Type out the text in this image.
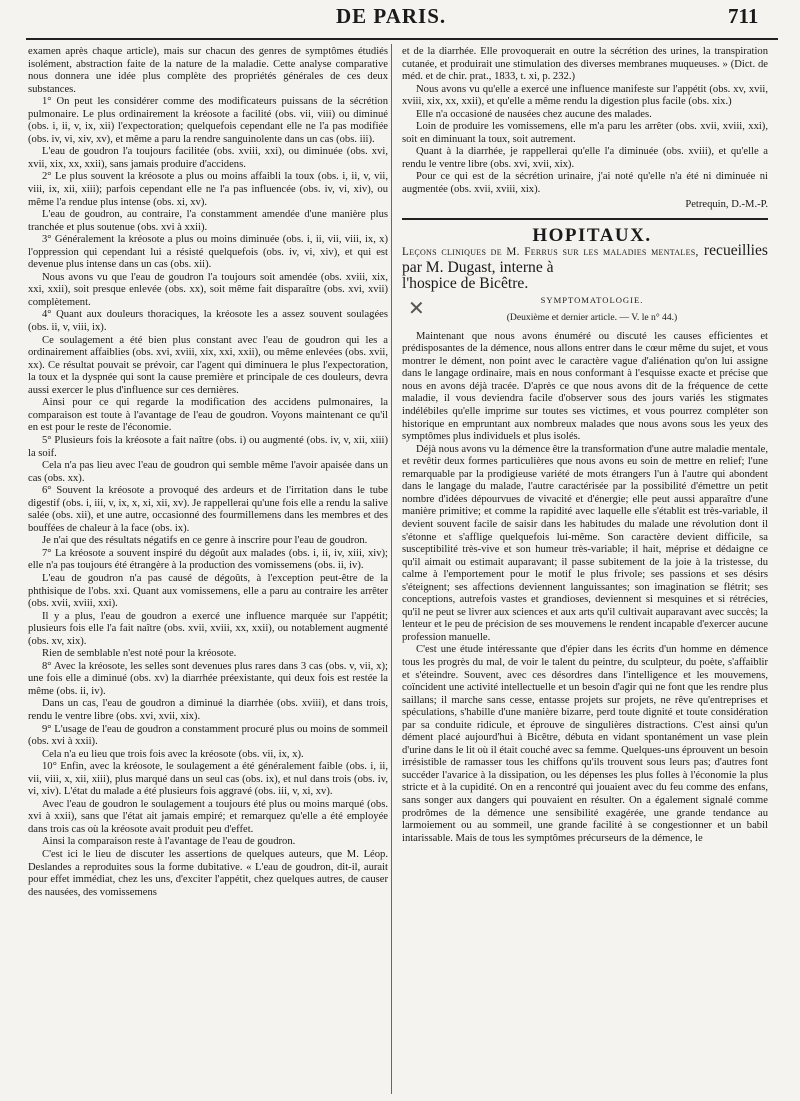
DE PARIS.	711

examen après chaque article), mais sur chacun des genres de symptômes étudiés isolément, abstraction faite de la nature de la maladie. Cette analyse comparative nous donnera une idée plus complète des propriétés générales de ces deux substances.

1° On peut les considérer comme des modificateurs puissans de la sécrétion pulmonaire. Le plus ordinairement la kréosote a facilité (obs. vii, viii) ou diminué (obs. i, ii, v, ix, xii) l'expectoration; quelquefois cependant elle ne l'a pas modifiée (obs. iv, vi, xiv, xv), et même a paru la rendre sanguinolente dans un cas (obs. iii).

L'eau de goudron l'a toujours facilitée (obs. xviii, xxi), ou diminuée (obs. xvi, xvii, xix, xx, xxii), sans jamais produire d'accidens.

2° Le plus souvent la kréosote a plus ou moins affaibli la toux (obs. i, ii, v, vii, viii, ix, xii, xiii); parfois cependant elle ne l'a pas influencée (obs. iv, vi, xiv), ou même l'a rendue plus intense (obs. xi, xv).

L'eau de goudron, au contraire, l'a constamment amendée d'une manière plus tranchée et plus soutenue (obs. xvi à xxii).

3° Généralement la kréosote a plus ou moins diminuée (obs. i, ii, vii, viii, ix, x) l'oppression qui cependant lui a résisté quelquefois (obs. iv, vi, xiv), et qui est devenue plus intense dans un cas (obs. xii).

Nous avons vu que l'eau de goudron l'a toujours soit amendée (obs. xviii, xix, xxi, xxii), soit presque enlevée (obs. xx), soit même fait disparaître (obs. xvi, xvii) complètement.

4° Quant aux douleurs thoraciques, la kréosote les a assez souvent soulagées (obs. ii, v, viii, ix).

Ce soulagement a été bien plus constant avec l'eau de goudron qui les a ordinairement affaiblies (obs. xvi, xviii, xix, xxi, xxii), ou même enlevées (obs. xvii, xx). Ce résultat pouvait se prévoir, car l'agent qui diminuera le plus l'expectoration, la toux et la dyspnée qui sont la cause première et principale de ces douleurs, devra aussi exercer le plus d'influence sur ces dernières.

Ainsi pour ce qui regarde la modification des accidens pulmonaires, la comparaison est toute à l'avantage de l'eau de goudron. Voyons maintenant ce qu'il en est pour le reste de l'économie.

5° Plusieurs fois la kréosote a fait naître (obs. i) ou augmenté (obs. iv, v, xii, xiii) la soif.

Cela n'a pas lieu avec l'eau de goudron qui semble même l'avoir apaisée dans un cas (obs. xx).

6° Souvent la kréosote a provoqué des ardeurs et de l'irritation dans le tube digestif (obs. i, iii, v, ix, x, xi, xii, xv). Je rappellerai qu'une fois elle a rendu la salive salée (obs. xii), et une autre, occasionné des fourmillemens dans les membres et des bouffées de chaleur à la face (obs. ix).

Je n'ai que des résultats négatifs en ce genre à inscrire pour l'eau de goudron.

7° La kréosote a souvent inspiré du dégoût aux malades (obs. i, ii, iv, xiii, xiv); elle n'a pas toujours été étrangère à la production des vomissemens (obs. ii, iv).

L'eau de goudron n'a pas causé de dégoûts, à l'exception peut-être de la phthisique de l'obs. xxi. Quant aux vomissemens, elle a paru au contraire les arrêter (obs. xvii, xviii, xxi).

Il y a plus, l'eau de goudron a exercé une influence marquée sur l'appétit; plusieurs fois elle l'a fait naître (obs. xvii, xviii, xx, xxii), ou notablement augmenté (obs. xv, xix).

Rien de semblable n'est noté pour la kréosote.

8° Avec la kréosote, les selles sont devenues plus rares dans 3 cas (obs. v, vii, x); une fois elle a diminué (obs. xv) la diarrhée préexistante, qui deux fois est restée la même (obs. ii, iv).

Dans un cas, l'eau de goudron a diminué la diarrhée (obs. xviii), et dans trois, rendu le ventre libre (obs. xvi, xvii, xix).

9° L'usage de l'eau de goudron a constamment procuré plus ou moins de sommeil (obs. xvi à xxii).

Cela n'a eu lieu que trois fois avec la kréosote (obs. vii, ix, x).

10° Enfin, avec la kréosote, le soulagement a été généralement faible (obs. i, ii, vii, viii, x, xii, xiii), plus marqué dans un seul cas (obs. ix), et nul dans trois (obs. iv, vi, xiv). L'état du malade a été plusieurs fois aggravé (obs. iii, v, xi, xv).

Avec l'eau de goudron le soulagement a toujours été plus ou moins marqué (obs. xvi à xxii), sans que l'état ait jamais empiré; et remarquez qu'elle a été employée dans trois cas où la kréosote avait produit peu d'effet.

Ainsi la comparaison reste à l'avantage de l'eau de goudron.

C'est ici le lieu de discuter les assertions de quelques auteurs, que M. Léop. Deslandes a reproduites sous la forme dubitative. « L'eau de goudron, dit-il, aurait pour effet immédiat, chez les uns, d'exciter l'appétit, chez quelques autres, de causer des nausées, des vomissemens

✕

et de la diarrhée. Elle provoquerait en outre la sécrétion des urines, la transpiration cutanée, et produirait une stimulation des diverses membranes muqueuses. » (Dict. de méd. et de chir. prat., 1833, t. xi, p. 232.)

Nous avons vu qu'elle a exercé une influence manifeste sur l'appétit (obs. xv, xvii, xviii, xix, xx, xxii), et qu'elle a même rendu la digestion plus facile (obs. xix.)

Elle n'a occasioné de nausées chez aucune des malades.

Loin de produire les vomissemens, elle m'a paru les arrêter (obs. xvii, xviii, xxi), soit en diminuant la toux, soit autrement.

Quant à la diarrhée, je rappellerai qu'elle l'a diminuée (obs. xviii), et qu'elle a rendu le ventre libre (obs. xvi, xvii, xix).

Pour ce qui est de la sécrétion urinaire, j'ai noté qu'elle n'a été ni diminuée ni augmentée (obs. xvii, xviii, xix).

Petrequin, D.-M.-P.

HOPITAUX.

Leçons cliniques de M. Ferrus sur les maladies mentales, recueillies par M. Dugast, interne à
l'hospice de Bicêtre.

SYMPTOMATOLOGIE.

(Deuxième et dernier article. — V. le n° 44.)

Maintenant que nous avons énuméré ou discuté les causes efficientes et prédisposantes de la démence, nous allons entrer dans le cœur même du sujet, et vous montrer le dément, non point avec le caractère vague d'aliénation qu'on lui assigne dans le langage ordinaire, mais en nous conformant à l'esquisse exacte et précise que nous en avons déjà tracée. D'après ce que nous avons dit de la fréquence de cette maladie, il vous deviendra facile d'observer sous des jours variés les stigmates indélébiles qu'elle imprime sur toutes ses victimes, et vous pourrez compléter son historique en empruntant aux nombreux malades que nous avons sous les yeux des symptômes plus individuels et plus isolés.

Déjà nous avons vu la démence être la transformation d'une autre maladie mentale, et revêtir deux formes particulières que nous avons eu soin de mettre en relief; l'une remarquable par la prodigieuse variété de mots étrangers l'un à l'autre qui abondent dans le langage du malade, l'autre caractérisée par la possibilité d'émettre un petit nombre d'idées dépourvues de vivacité et d'énergie; elle peut aussi apparaître d'une manière primitive; et comme la rapidité avec laquelle elle s'établit est très-variable, il devient souvent facile de saisir dans les habitudes du malade une révolution dont il s'étonne et s'afflige quelquefois lui-même. Son caractère devient difficile, sa susceptibilité très-vive et son humeur très-variable; il hait, méprise et dédaigne ce qu'il aimait ou estimait auparavant; il passe subitement de la joie à la tristesse, du calme à l'emportement pour le motif le plus frivole; ses passions et ses désirs s'éteignent; ses affections deviennent languissantes; son imagination se flétrit; ses conceptions, autrefois vastes et grandioses, deviennent si mesquines et si rétrécies, qu'il ne peut se livrer aux sciences et aux arts qu'il cultivait auparavant avec succès; la lenteur et le peu de précision de ses mouvemens le rendent incapable d'exercer aucune profession manuelle.

C'est une étude intéressante que d'épier dans les écrits d'un homme en démence tous les progrès du mal, de voir le talent du peintre, du sculpteur, du poète, s'affaiblir et s'éteindre. Souvent, avec ces désordres dans l'intelligence et les mouvemens, coïncident une activité intellectuelle et un besoin d'agir qui ne font que les rendre plus saillans; il marche sans cesse, entasse projets sur projets, ne rêve qu'entreprises et spéculations, s'habille d'une manière bizarre, perd toute dignité et toute considération par sa conduite ridicule, et éprouve de singulières distractions. C'est ainsi qu'un dément placé aujourd'hui à Bicêtre, débuta en vidant spontanément un vase plein d'urine dans le lit où il était couché avec sa femme. Quelques-uns éprouvent un besoin irrésistible de ramasser tous les chiffons qu'ils trouvent sous leurs pas; d'autres font succéder l'avarice à la dissipation, ou les dépenses les plus folles à l'économie la plus stricte et à la cupidité. On en a rencontré qui jouaient avec du feu comme des enfans, sans songer aux dangers qui pouvaient en résulter. On a également signalé comme prodrômes de la démence une sensibilité exagérée, une grande tendance au larmoiement ou au sommeil, une grande facilité à se congestionner et un babil intarissable. Mais de tous les symptômes précurseurs de la démence, le
